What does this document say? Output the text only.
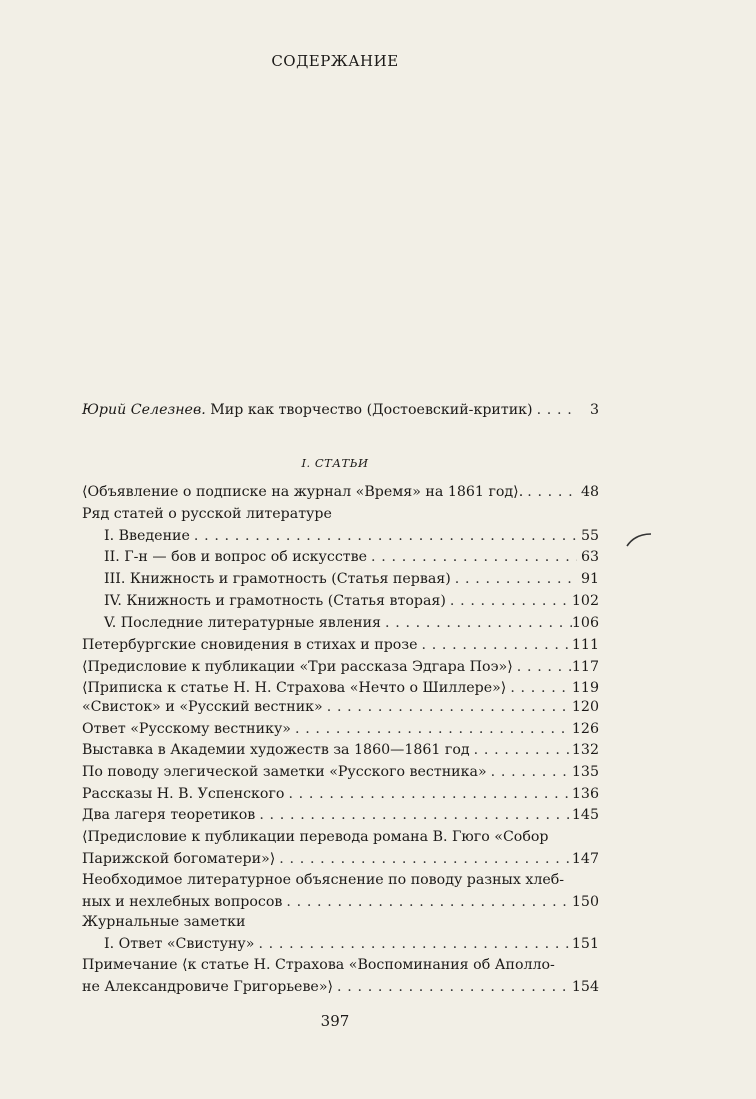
СОДЕРЖАНИЕ
Юрий Селезнев. Мир как творчество (Достоевский-критик) . . .	3
I. СТАТЬИ
⟨Объявление о подписке на журнал «Время» на 1861 год⟩. . . .	48
Ряд статей о русской литературе
I. Введение . . .	55
II. Г-н — бов и вопрос об искусстве . . .	63
III. Книжность и грамотность (Статья первая) . . .	91
IV. Книжность и грамотность (Статья вторая) . . .	102
V. Последние литературные явления . . .	106
Петербургские сновидения в стихах и прозе . . .	111
⟨Предисловие к публикации «Три рассказа Эдгара Поэ»⟩ . . .	117
⟨Приписка к статье Н. Н. Страхова «Нечто о Шиллере»⟩ . . .	119
«Свисток» и «Русский вестник» . . .	120
Ответ «Русскому вестнику» . . .	126
Выставка в Академии художеств за 1860—1861 год . . .	132
По поводу элегической заметки «Русского вестника» . . .	135
Рассказы Н. В. Успенского . . .	136
Два лагеря теоретиков . . .	145
⟨Предисловие к публикации перевода романа В. Гюго «Собор
Парижской богоматери»⟩ . . .	147
Необходимое литературное объяснение по поводу разных хлеб-
ных и нехлебных вопросов . . .	150
Журнальные заметки
I. Ответ «Свистуну» . . .	151
Примечание ⟨к статье Н. Страхова «Воспоминания об Аполло-
не Александровиче Григорьеве»⟩ . . .	154
397
